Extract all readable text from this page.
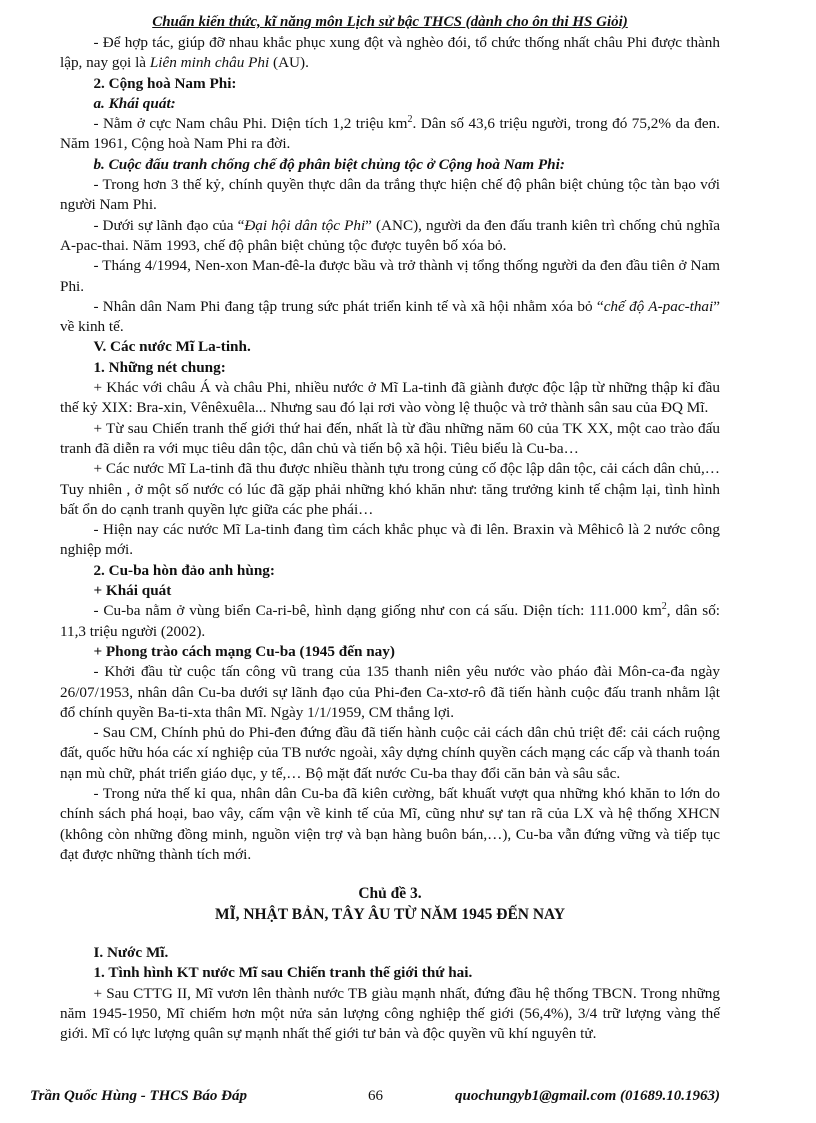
Chuẩn kiến thức, kĩ năng môn Lịch sử bậc THCS (dành cho ôn thi HS Giỏi)

- Để hợp tác, giúp đỡ nhau khắc phục xung đột và nghèo đói, tổ chức thống nhất châu Phi được thành lập, nay gọi là Liên minh châu Phi (AU).

2. Cộng hoà Nam Phi:

a. Khái quát:

- Nằm ở cực Nam châu Phi. Diện tích 1,2 triệu $km^2$. Dân số 43,6 triệu người, trong đó 75,2% da đen. Năm 1961, Cộng hoà Nam Phi ra đời.

b. Cuộc đấu tranh chống chế độ phân biệt chủng tộc ở Cộng hoà Nam Phi:

- Trong hơn 3 thế kỷ, chính quyền thực dân da trắng thực hiện chế độ phân biệt chủng tộc tàn bạo với người Nam Phi.

- Dưới sự lãnh đạo của “Đại hội dân tộc Phi” (ANC), người da đen đấu tranh kiên trì chống chủ nghĩa A-pac-thai. Năm 1993, chế độ phân biệt chủng tộc được tuyên bố xóa bỏ.

- Tháng 4/1994, Nen-xon Man-đê-la được bầu và trở thành vị tổng thống người da đen đầu tiên ở Nam Phi.

- Nhân dân Nam Phi đang tập trung sức phát triển kinh tế và xã hội nhằm xóa bỏ “chế độ A-pac-thai” về kinh tế.

V. Các nước Mĩ La-tinh.

1. Những nét chung:

+ Khác với châu Á và châu Phi, nhiều nước ở Mĩ La-tinh đã giành được độc lập từ những thập kỉ đầu thế kỷ XIX: Bra-xin, Vênêxuêla... Nhưng sau đó lại rơi vào vòng lệ thuộc và trở thành sân sau của ĐQ Mĩ.

+ Từ sau Chiến tranh thế giới thứ hai đến, nhất là từ đầu những năm 60 của TK XX, một cao trào đấu tranh đã diễn ra với mục tiêu dân tộc, dân chủ và tiến bộ xã hội. Tiêu biểu là Cu-ba…

+ Các nước Mĩ La-tinh đã thu được nhiều thành tựu trong củng cố độc lập dân tộc, cải cách dân chủ,… Tuy nhiên , ở một số nước có lúc đã gặp phải những khó khăn như: tăng trưởng kinh tế chậm lại, tình hình bất ổn do cạnh tranh quyền lực giữa các phe phái…

- Hiện nay các nước Mĩ La-tinh đang tìm cách khắc phục và đi lên. Braxin và Mêhicô là 2 nước công nghiệp mới.

2. Cu-ba hòn đảo anh hùng:

+ Khái quát

- Cu-ba nằm ở vùng biển Ca-ri-bê, hình dạng giống như con cá sấu. Diện tích: 111.000 $km^2$, dân số: 11,3 triệu người (2002).

+ Phong trào cách mạng Cu-ba (1945 đến nay)

- Khởi đầu từ cuộc tấn công vũ trang của 135 thanh niên yêu nước vào pháo đài Môn-ca-đa ngày 26/07/1953, nhân dân Cu-ba dưới sự lãnh đạo của Phi-đen Ca-xtơ-rô đã tiến hành cuộc đấu tranh nhằm lật đổ chính quyền Ba-ti-xta thân Mĩ. Ngày 1/1/1959, CM thắng lợi.

- Sau CM, Chính phủ do Phi-đen đứng đầu đã tiến hành cuộc cải cách dân chủ triệt để: cải cách ruộng đất, quốc hữu hóa các xí nghiệp của TB nước ngoài, xây dựng chính quyền cách mạng các cấp và thanh toán nạn mù chữ, phát triển giáo dục, y tế,… Bộ mặt đất nước Cu-ba thay đổi căn bản và sâu sắc.

- Trong nửa thế kỉ qua, nhân dân Cu-ba đã kiên cường, bất khuất vượt qua những khó khăn to lớn do chính sách phá hoại, bao vây, cấm vận về kinh tế của Mĩ, cũng như sự tan rã của LX và hệ thống XHCN (không còn những đồng minh, nguồn viện trợ và bạn hàng buôn bán,…), Cu-ba vẫn đứng vững và tiếp tục đạt được những thành tích mới.

Chủ đề 3.

MĨ, NHẬT BẢN, TÂY ÂU TỪ NĂM 1945 ĐẾN NAY

I. Nước Mĩ.

1. Tình hình KT nước Mĩ sau Chiến tranh thế giới thứ hai.

+ Sau CTTG II, Mĩ vươn lên thành nước TB giàu mạnh nhất, đứng đầu hệ thống TBCN. Trong những năm 1945-1950, Mĩ chiếm hơn một nửa sản lượng công nghiệp thế giới (56,4%), 3/4 trữ lượng vàng thế giới. Mĩ có lực lượng quân sự mạnh nhất thế giới tư bản và độc quyền vũ khí nguyên tử.

Trần Quốc Hùng - THCS Báo Đáp	66	quochungyb1@gmail.com (01689.10.1963)
